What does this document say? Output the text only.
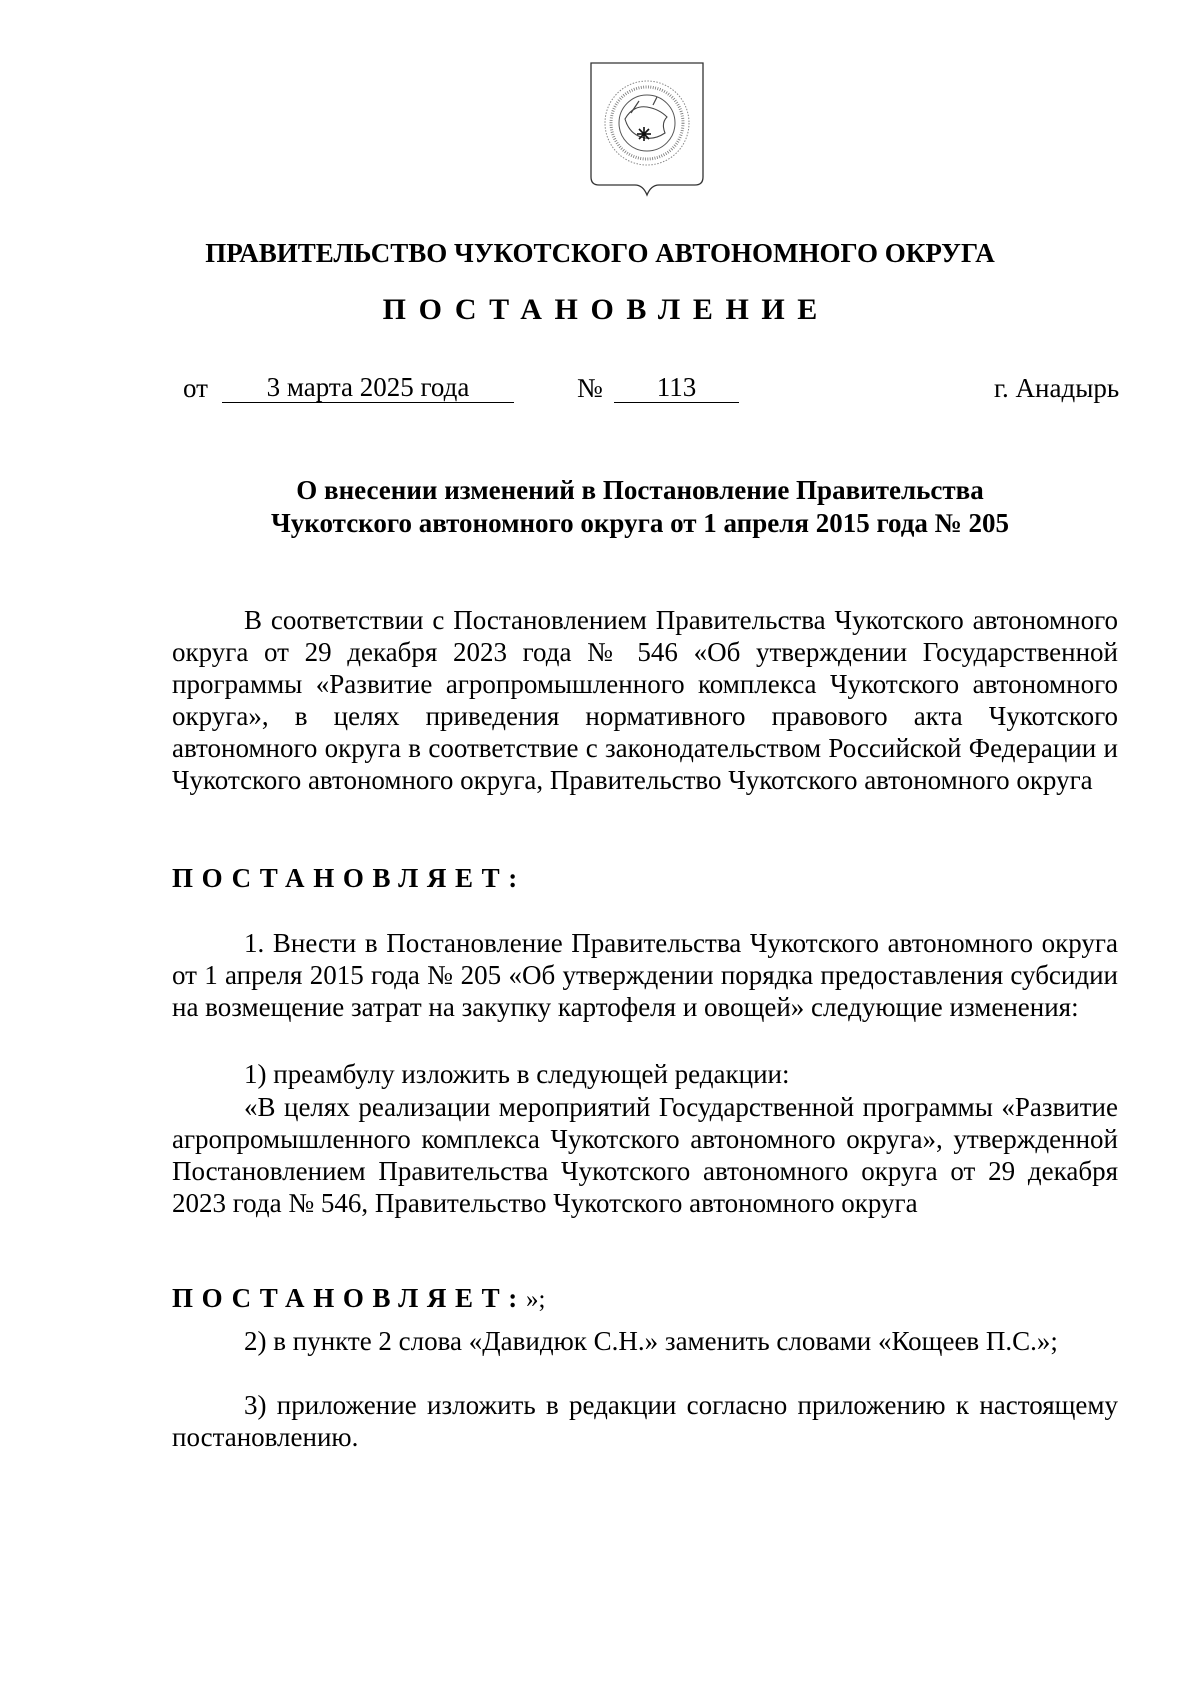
ПРАВИТЕЛЬСТВО ЧУКОТСКОГО АВТОНОМНОГО ОКРУГА
ПОСТАНОВЛЕНИЕ
от	3 марта 2025 года	№	113	г. Анадырь
О внесении изменений в Постановление Правительства
Чукотского автономного округа от 1 апреля 2015 года № 205

В соответствии с Постановлением Правительства Чукотского автономного округа от 29 декабря 2023 года № 546 «Об утверждении Государственной программы «Развитие агропромышленного комплекса Чукотского автономного округа», в целях приведения нормативного правового акта Чукотского автономного округа в соответствие с законодательством Российской Федерации и Чукотского автономного округа, Правительство Чукотского автономного округа

ПОСТАНОВЛЯЕТ:

1. Внести в Постановление Правительства Чукотского автономного округа от 1 апреля 2015 года № 205 «Об утверждении порядка предоставления субсидии на возмещение затрат на закупку картофеля и овощей» следующие изменения:

1) преамбулу изложить в следующей редакции:

«В целях реализации мероприятий Государственной программы «Развитие агропромышленного комплекса Чукотского автономного округа», утвержденной Постановлением Правительства Чукотского автономного округа от 29 декабря 2023 года № 546, Правительство Чукотского автономного округа

ПОСТАНОВЛЯЕТ:»;

2) в пункте 2 слова «Давидюк С.Н.» заменить словами «Кощеев П.С.»;

3) приложение изложить в редакции согласно приложению к настоящему постановлению.
